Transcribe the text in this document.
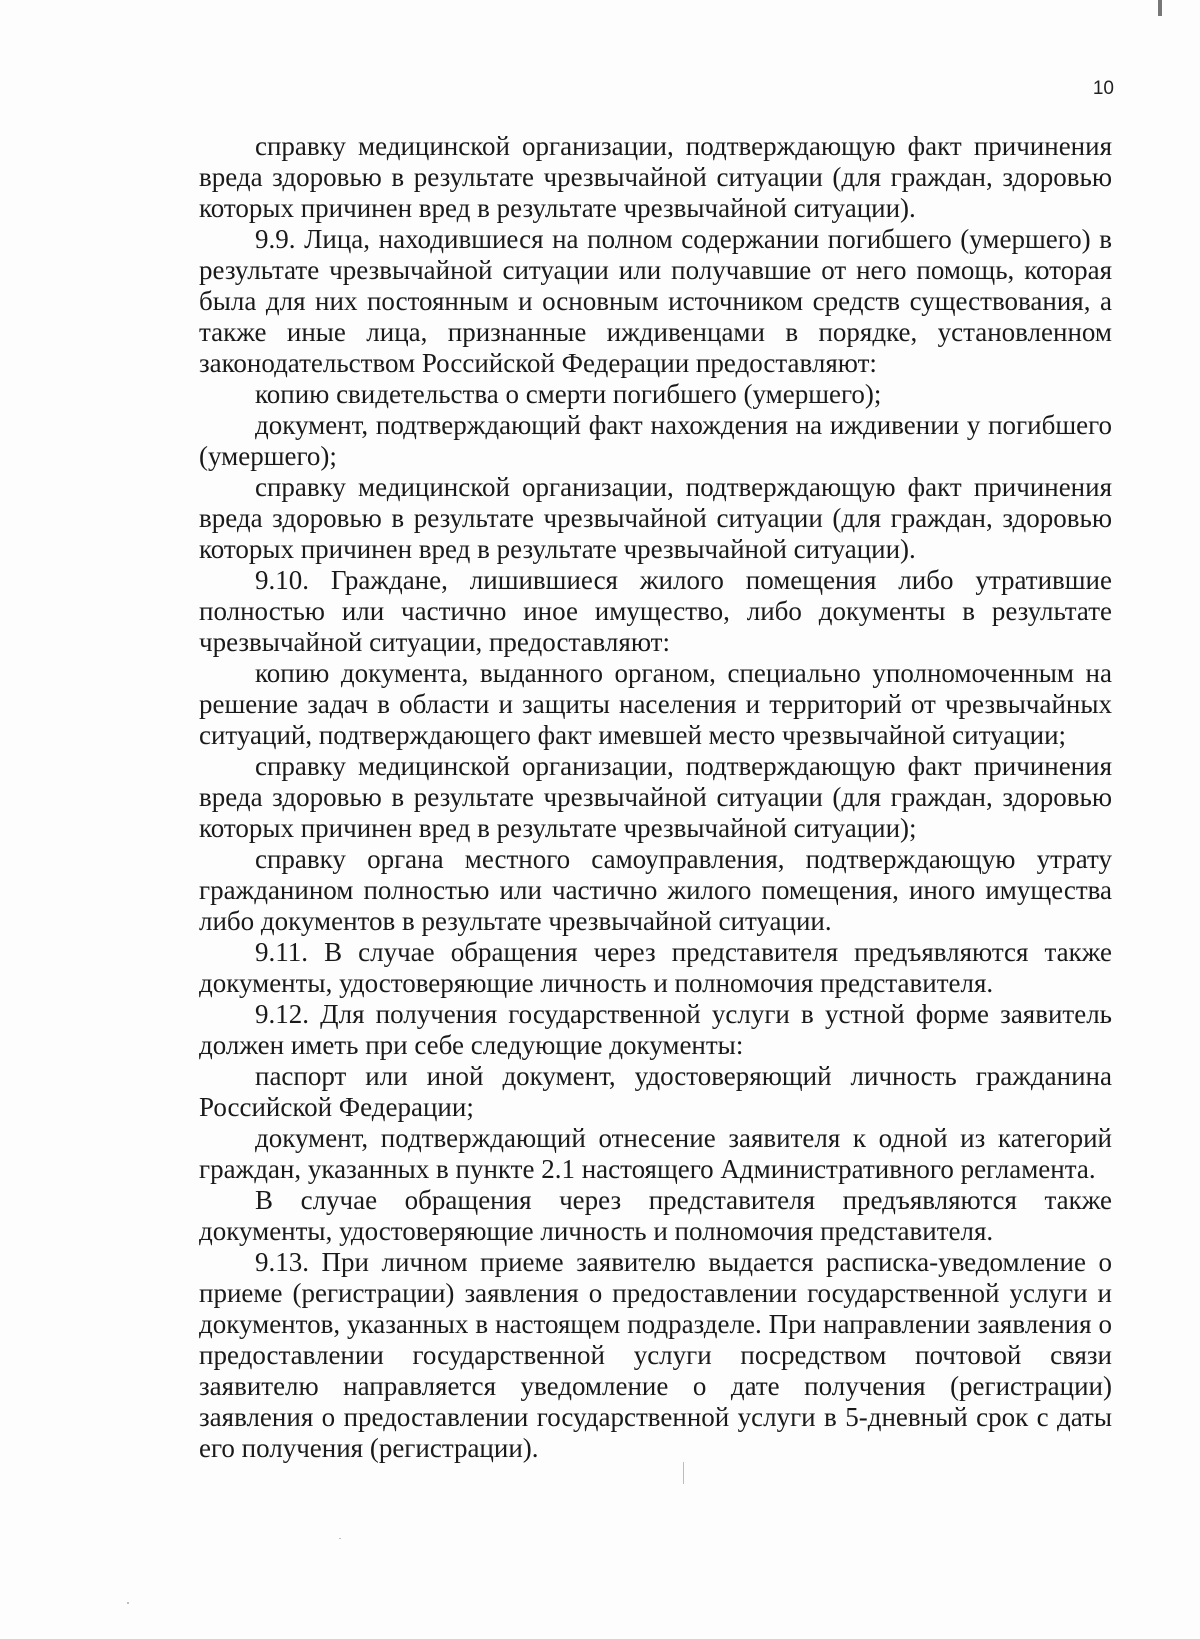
10

справку медицинской организации, подтверждающую факт причинения вреда здоровью в результате чрезвычайной ситуации (для граждан, здоровью которых причинен вред в результате чрезвычайной ситуации).

9.9. Лица, находившиеся на полном содержании погибшего (умершего) в результате чрезвычайной ситуации или получавшие от него помощь, которая была для них постоянным и основным источником средств существования, а также иные лица, признанные иждивенцами в порядке, установленном законодательством Российской Федерации предоставляют:

копию свидетельства о смерти погибшего (умершего);

документ, подтверждающий факт нахождения на иждивении у погибшего (умершего);

справку медицинской организации, подтверждающую факт причинения вреда здоровью в результате чрезвычайной ситуации (для граждан, здоровью которых причинен вред в результате чрезвычайной ситуации).

9.10. Граждане, лишившиеся жилого помещения либо утратившие полностью или частично иное имущество, либо документы в результате чрезвычайной ситуации, предоставляют:

копию документа, выданного органом, специально уполномоченным на решение задач в области и защиты населения и территорий от чрезвычайных ситуаций, подтверждающего факт имевшей место чрезвычайной ситуации;

справку медицинской организации, подтверждающую факт причинения вреда здоровью в результате чрезвычайной ситуации (для граждан, здоровью которых причинен вред в результате чрезвычайной ситуации);

справку органа местного самоуправления, подтверждающую утрату гражданином полностью или частично жилого помещения, иного имущества либо документов в результате чрезвычайной ситуации.

9.11. В случае обращения через представителя предъявляются также документы, удостоверяющие личность и полномочия представителя.

9.12. Для получения государственной услуги в устной форме заявитель должен иметь при себе следующие документы:

паспорт или иной документ, удостоверяющий личность гражданина Российской Федерации;

документ, подтверждающий отнесение заявителя к одной из категорий граждан, указанных в пункте 2.1 настоящего Административного регламента.

В случае обращения через представителя предъявляются также документы, удостоверяющие личность и полномочия представителя.

9.13. При личном приеме заявителю выдается расписка-уведомление о приеме (регистрации) заявления о предоставлении государственной услуги и документов, указанных в настоящем подразделе. При направлении заявления о предоставлении государственной услуги посредством почтовой связи заявителю направляется уведомление о дате получения (регистрации) заявления о предоставлении государственной услуги в 5-дневный срок с даты его получения (регистрации).
